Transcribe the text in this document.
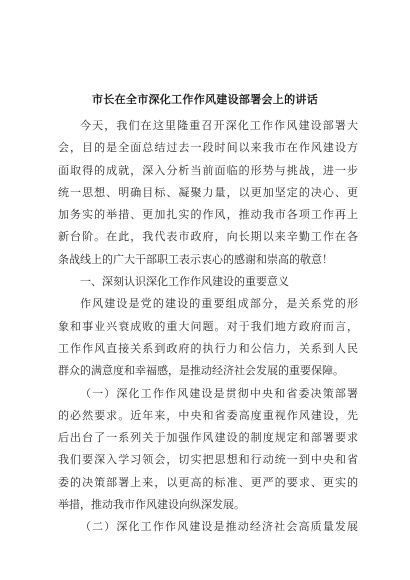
市长在全市深化工作作风建设部署会上的讲话
今天，我们在这里隆重召开深化工作作风建设部署大
会，目的是全面总结过去一段时间以来我市在作风建设方
面取得的成就，深入分析当前面临的形势与挑战，进一步
统一思想、明确目标、凝聚力量，以更加坚定的决心、更
加务实的举措、更加扎实的作风，推动我市各项工作再上
新台阶。在此，我代表市政府，向长期以来辛勤工作在各
条战线上的广大干部职工表示衷心的感谢和崇高的敬意！
一、深刻认识深化工作作风建设的重要意义
作风建设是党的建设的重要组成部分，是关系党的形
象和事业兴衰成败的重大问题。对于我们地方政府而言，
工作作风直接关系到政府的执行力和公信力，关系到人民
群众的满意度和幸福感，是推动经济社会发展的重要保障。
（一）深化工作作风建设是贯彻中央和省委决策部署
的必然要求。近年来，中央和省委高度重视作风建设，先
后出台了一系列关于加强作风建设的制度规定和部署要求
我们要深入学习领会，切实把思想和行动统一到中央和省
委的决策部署上来，以更高的标准、更严的要求、更实的
举措，推动我市作风建设向纵深发展。
（二）深化工作作风建设是推动经济社会高质量发展
